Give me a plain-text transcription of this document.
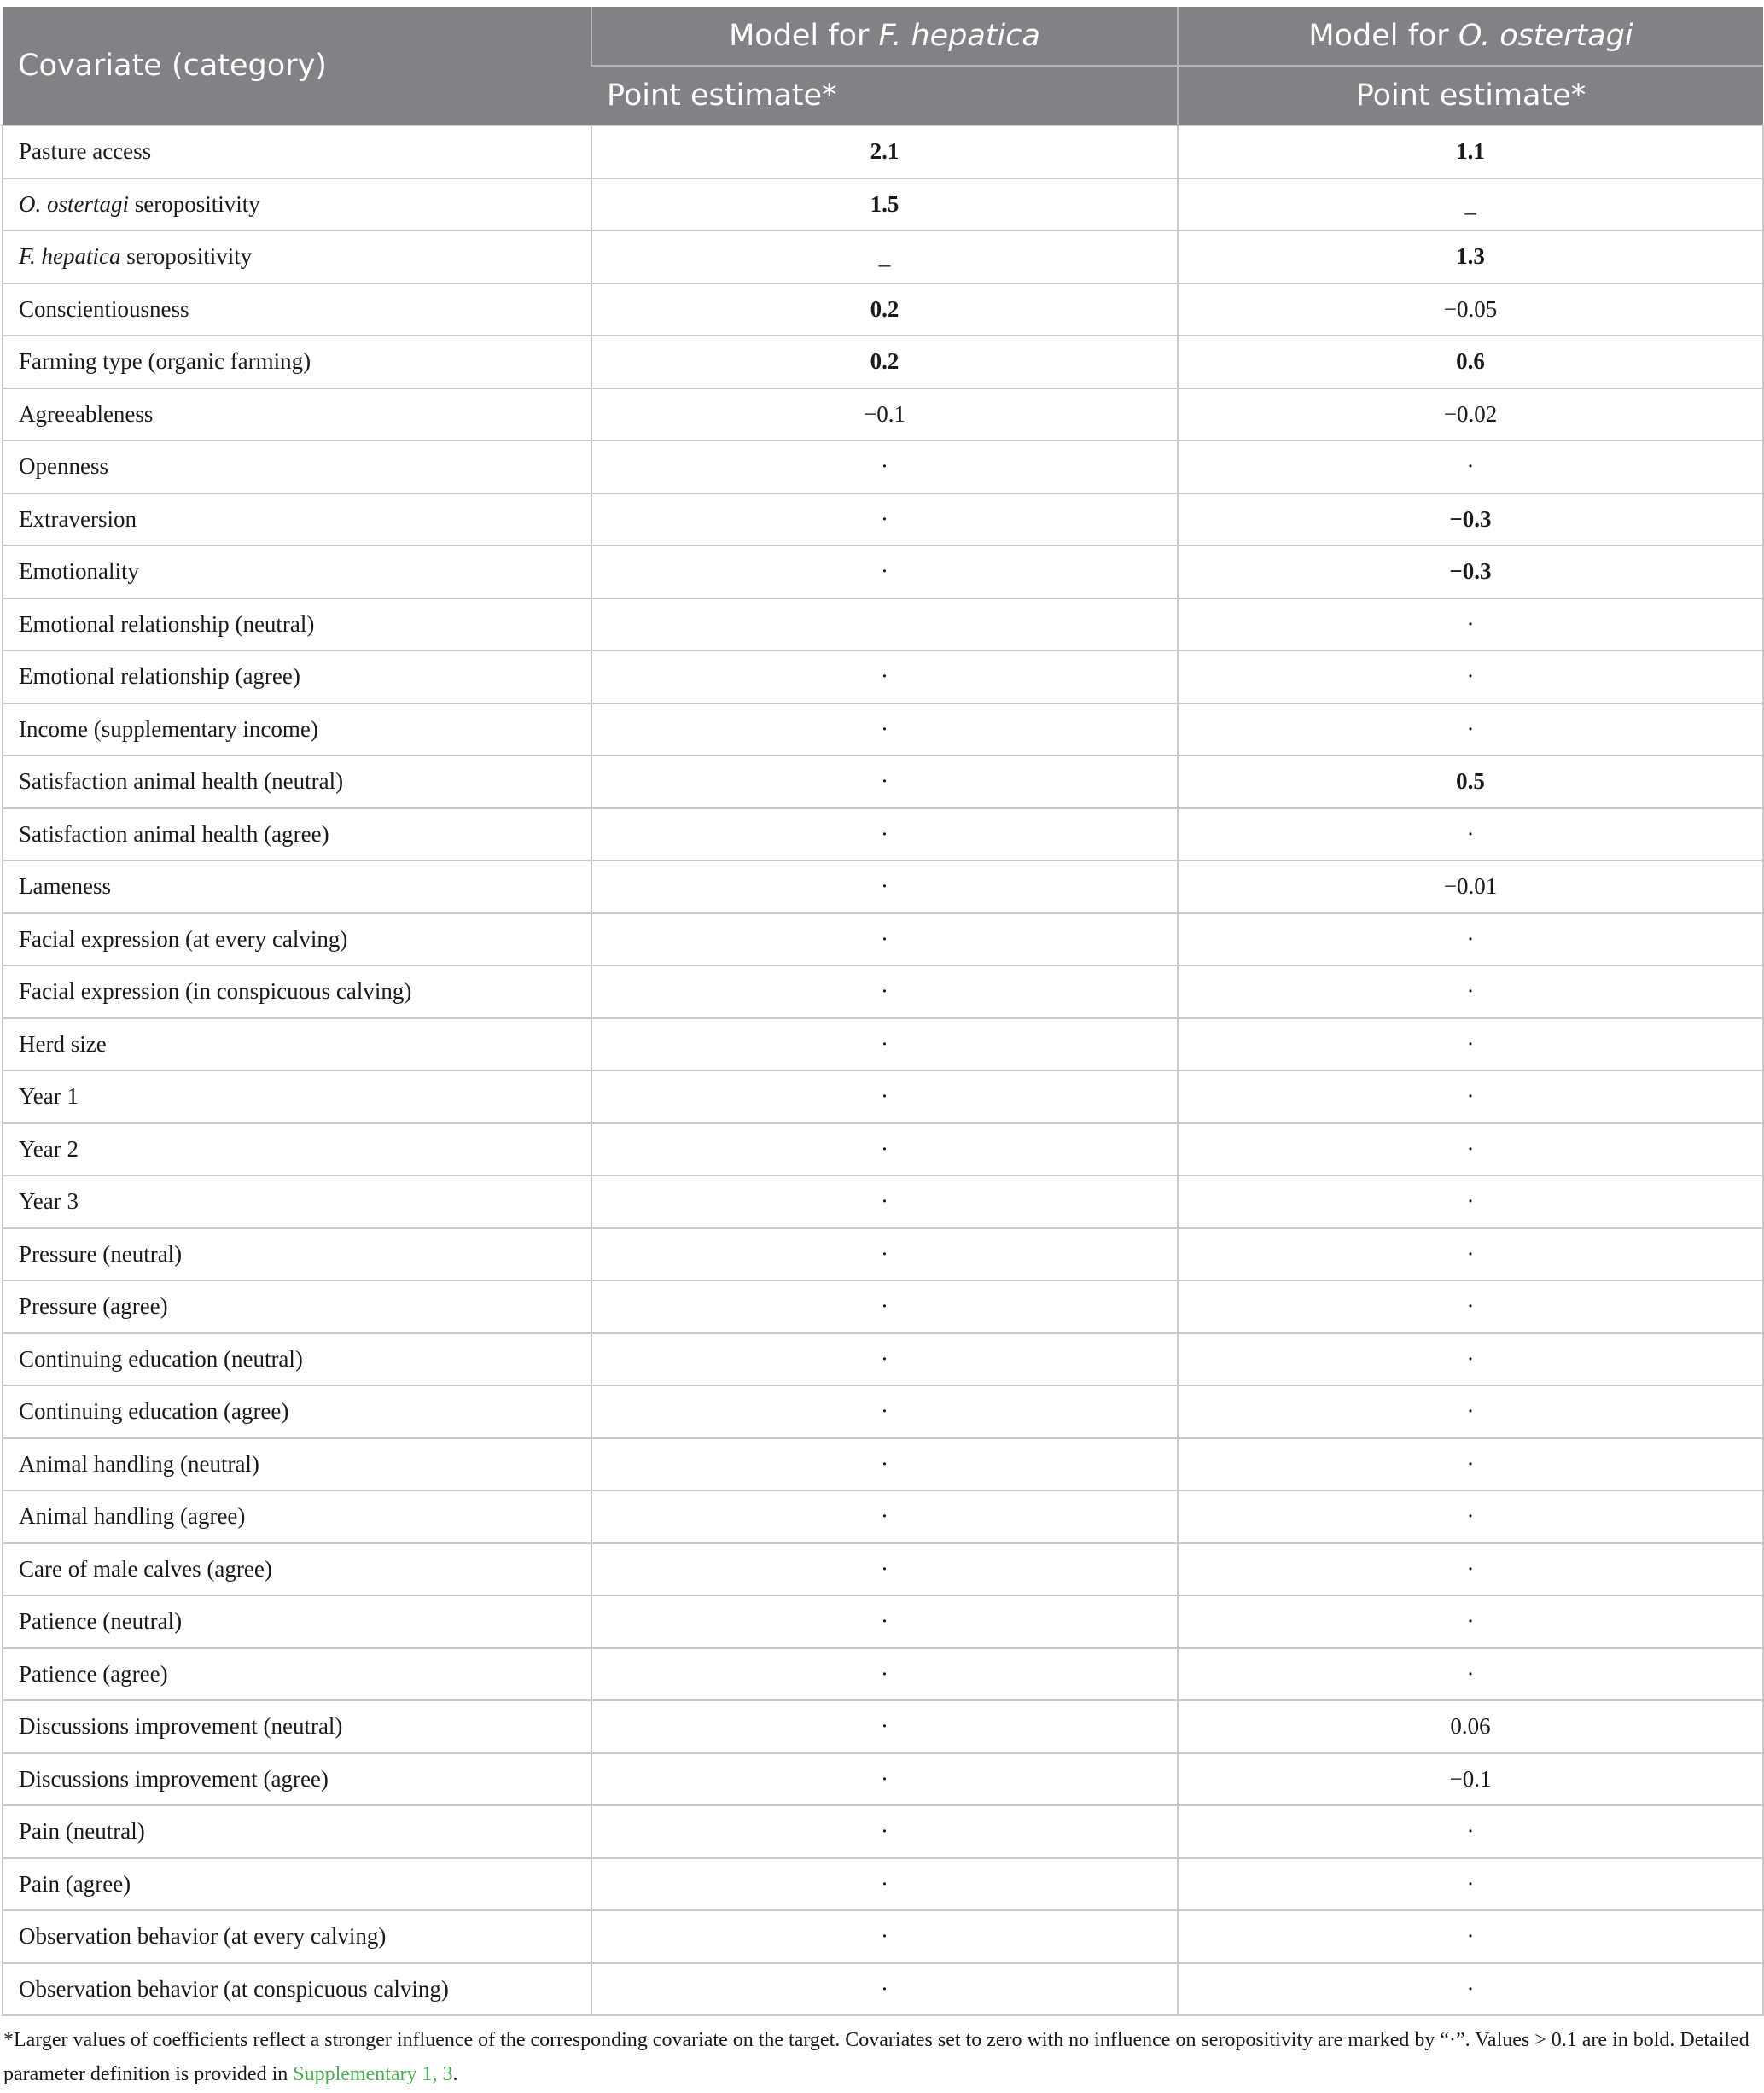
Covariate (category)	Model for F. hepatica	Model for O. ostertagi
	Point estimate*	Point estimate*
Pasture access	2.1	1.1
O. ostertagi seropositivity	1.5	_
F. hepatica seropositivity	_	1.3
Conscientiousness	0.2	−0.05
Farming type (organic farming)	0.2	0.6
Agreeableness	−0.1	−0.02
Openness	·	·
Extraversion	·	−0.3
Emotionality	·	−0.3
Emotional relationship (neutral)		·
Emotional relationship (agree)	·	·
Income (supplementary income)	·	·
Satisfaction animal health (neutral)	·	0.5
Satisfaction animal health (agree)	·	·
Lameness	·	−0.01
Facial expression (at every calving)	·	·
Facial expression (in conspicuous calving)	·	·
Herd size	·	·
Year 1	·	·
Year 2	·	·
Year 3	·	·
Pressure (neutral)	·	·
Pressure (agree)	·	·
Continuing education (neutral)	·	·
Continuing education (agree)	·	·
Animal handling (neutral)	·	·
Animal handling (agree)	·	·
Care of male calves (agree)	·	·
Patience (neutral)	·	·
Patience (agree)	·	·
Discussions improvement (neutral)	·	0.06
Discussions improvement (agree)	·	−0.1
Pain (neutral)	·	·
Pain (agree)	·	·
Observation behavior (at every calving)	·	·
Observation behavior (at conspicuous calving)	·	·
*Larger values of coefficients reflect a stronger influence of the corresponding covariate on the target. Covariates set to zero with no influence on seropositivity are marked by “·”. Values > 0.1 are in bold. Detailed parameter definition is provided in Supplementary 1, 3.
